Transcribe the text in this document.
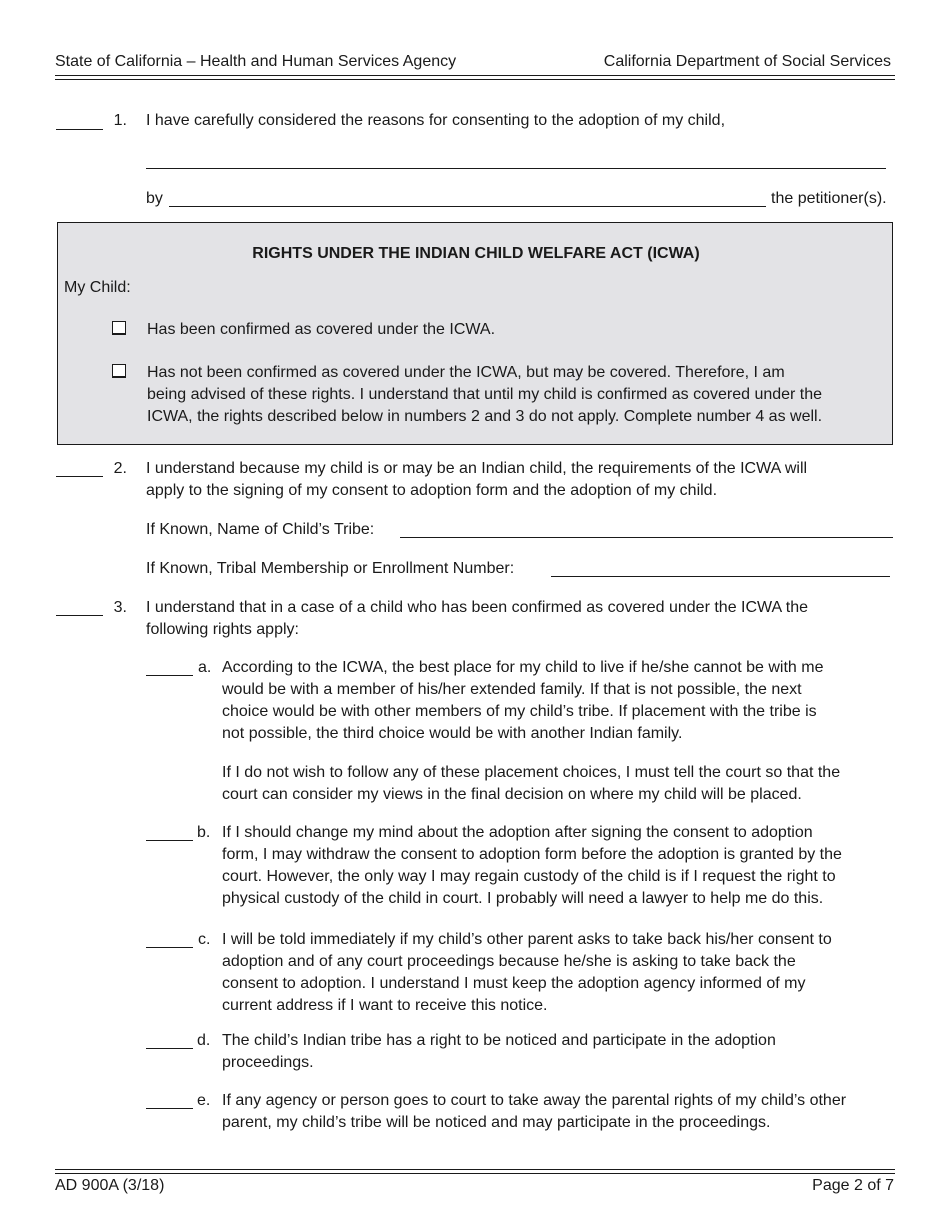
State of California – Health and Human Services Agency	California Department of Social Services
1. I have carefully considered the reasons for consenting to the adoption of my child,
by	the petitioner(s).
RIGHTS UNDER THE INDIAN CHILD WELFARE ACT (ICWA)
My Child:
Has been confirmed as covered under the ICWA.
Has not been confirmed as covered under the ICWA, but may be covered. Therefore, I am
being advised of these rights. I understand that until my child is confirmed as covered under the
ICWA, the rights described below in numbers 2 and 3 do not apply. Complete number 4 as well.
2. I understand because my child is or may be an Indian child, the requirements of the ICWA will
apply to the signing of my consent to adoption form and the adoption of my child.
If Known, Name of Child’s Tribe:
If Known, Tribal Membership or Enrollment Number:
3. I understand that in a case of a child who has been confirmed as covered under the ICWA the
following rights apply:
a. According to the ICWA, the best place for my child to live if he/she cannot be with me
would be with a member of his/her extended family. If that is not possible, the next
choice would be with other members of my child’s tribe. If placement with the tribe is
not possible, the third choice would be with another Indian family.
If I do not wish to follow any of these placement choices, I must tell the court so that the
court can consider my views in the final decision on where my child will be placed.
b. If I should change my mind about the adoption after signing the consent to adoption
form, I may withdraw the consent to adoption form before the adoption is granted by the
court. However, the only way I may regain custody of the child is if I request the right to
physical custody of the child in court. I probably will need a lawyer to help me do this.
c. I will be told immediately if my child’s other parent asks to take back his/her consent to
adoption and of any court proceedings because he/she is asking to take back the
consent to adoption. I understand I must keep the adoption agency informed of my
current address if I want to receive this notice.
d. The child’s Indian tribe has a right to be noticed and participate in the adoption
proceedings.
e. If any agency or person goes to court to take away the parental rights of my child’s other
parent, my child’s tribe will be noticed and may participate in the proceedings.
AD 900A (3/18)	Page 2 of 7
